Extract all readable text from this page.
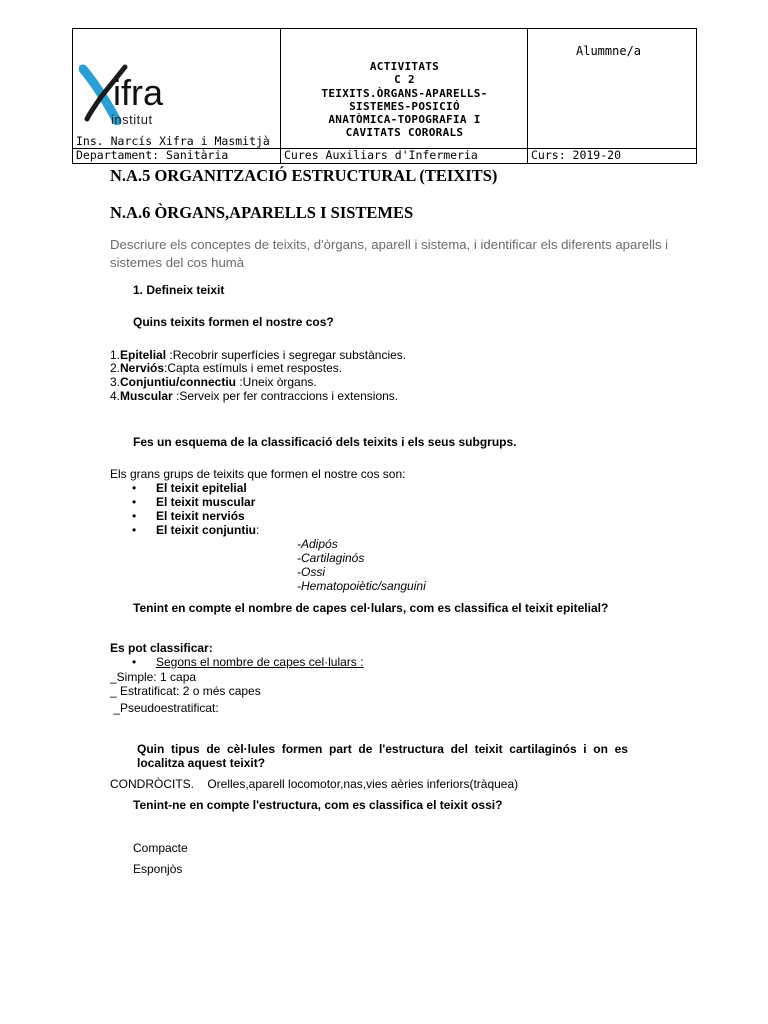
ifra
institut
Ins. Narcís Xifra i Masmitjà
ACTIVITATS
C 2
TEIXITS.ÒRGANS-APARELLS-
SISTEMES-POSICIÓ
ANATÒMICA-TOPOGRAFIA I
CAVITATS CORORALS
Alummne/a
Departament: Sanitària	Cures Auxiliars d'Infermeria	Curs: 2019-20
N.A.5 ORGANITZACIÓ ESTRUCTURAL (TEIXITS)
N.A.6 ÒRGANS,APARELLS I SISTEMES
Descriure els conceptes de teixits, d'òrgans, aparell i sistema, i identificar els diferents aparells i sistemes del cos humà
1. Defineix teixit
Quins teixits formen el nostre cos?
1.Epitelial :Recobrir superfícies i segregar substàncies.
2.Nerviós:Capta estímuls i emet respostes.
3.Conjuntiu/connectiu :Uneix òrgans.
4.Muscular :Serveix per fer contraccions i extensions.
Fes un esquema de la classificació dels teixits i els seus subgrups.
Els grans grups de teixits que formen el nostre cos son:
• El teixit epitelial
• El teixit muscular
• El teixit nerviós
• El teixit conjuntiu:
-Adipós
-Cartilaginós
-Ossi
-Hematopoiètic/sanguini
Tenint en compte el nombre de capes cel·lulars, com es classifica el teixit epitelial?
Es pot classificar:
• Segons el nombre de capes cel·lulars :
_Simple: 1 capa
_ Estratificat: 2 o més capes
_Pseudoestratificat:
Quin  tipus  de  cèl·lules  formen  part  de  l'estructura  del  teixit  cartilaginós  i  on  es
localitza aquest teixit?
CONDRÒCITS.    Orelles,aparell locomotor,nas,vies aèries inferiors(tràquea)
Tenint-ne en compte l'estructura, com es classifica el teixit ossi?
Compacte
Esponjòs
